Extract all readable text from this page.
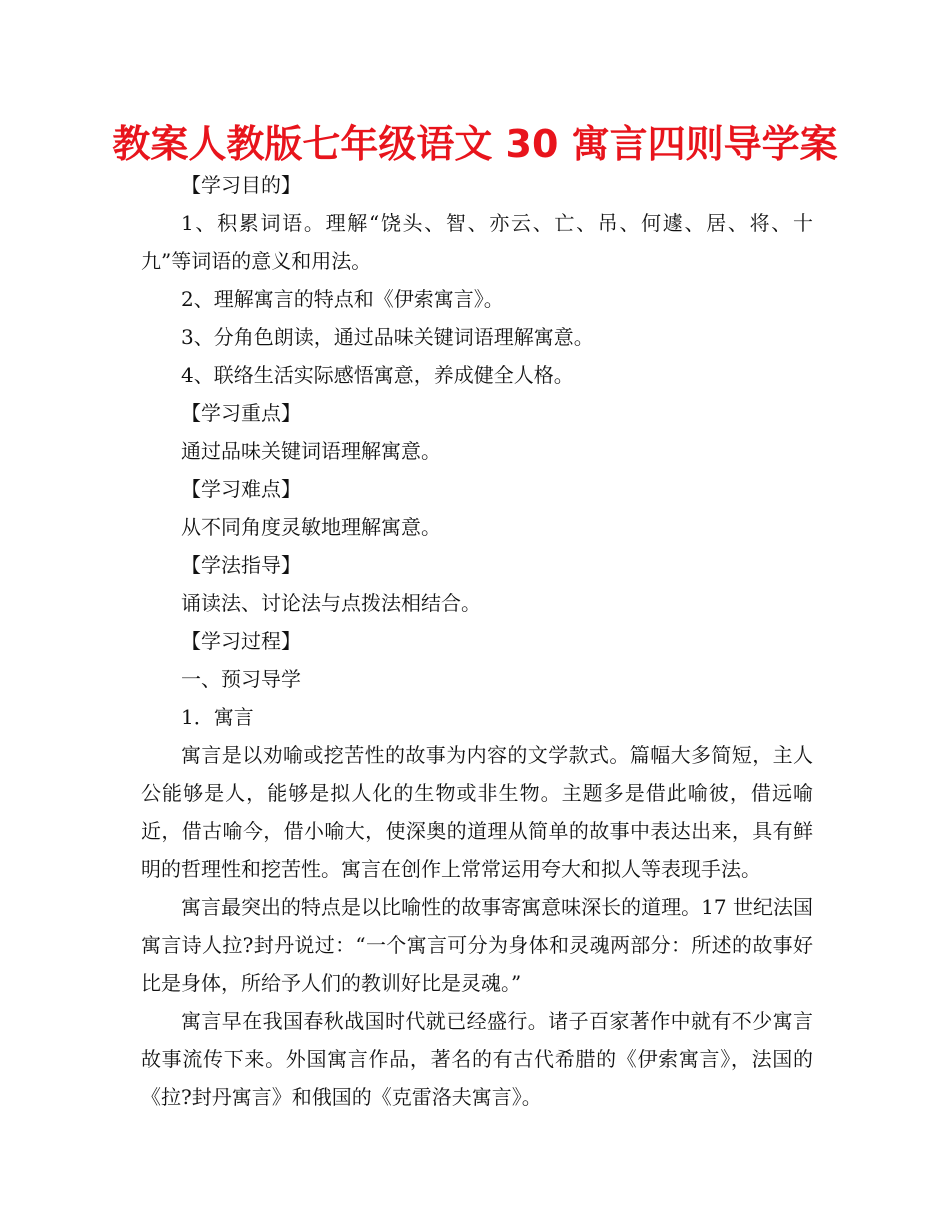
教案人教版七年级语文 30 寓言四则导学案

【学习目的】

1、积累词语。理解“饶头、智、亦云、亡、吊、何遽、居、将、十九”等词语的意义和用法。

2、理解寓言的特点和《伊索寓言》。

3、分角色朗读，通过品味关键词语理解寓意。

4、联络生活实际感悟寓意，养成健全人格。

【学习重点】

通过品味关键词语理解寓意。

【学习难点】

从不同角度灵敏地理解寓意。

【学法指导】

诵读法、讨论法与点拨法相结合。

【学习过程】

一、预习导学

1．寓言

寓言是以劝喻或挖苦性的故事为内容的文学款式。篇幅大多简短，主人公能够是人，能够是拟人化的生物或非生物。主题多是借此喻彼，借远喻近，借古喻今，借小喻大，使深奥的道理从简单的故事中表达出来，具有鲜明的哲理性和挖苦性。寓言在创作上常常运用夸大和拟人等表现手法。

寓言最突出的特点是以比喻性的故事寄寓意味深长的道理。17 世纪法国寓言诗人拉?封丹说过：“一个寓言可分为身体和灵魂两部分：所述的故事好比是身体，所给予人们的教训好比是灵魂。”

寓言早在我国春秋战国时代就已经盛行。诸子百家著作中就有不少寓言故事流传下来。外国寓言作品，著名的有古代希腊的《伊索寓言》，法国的《拉?封丹寓言》和俄国的《克雷洛夫寓言》。
